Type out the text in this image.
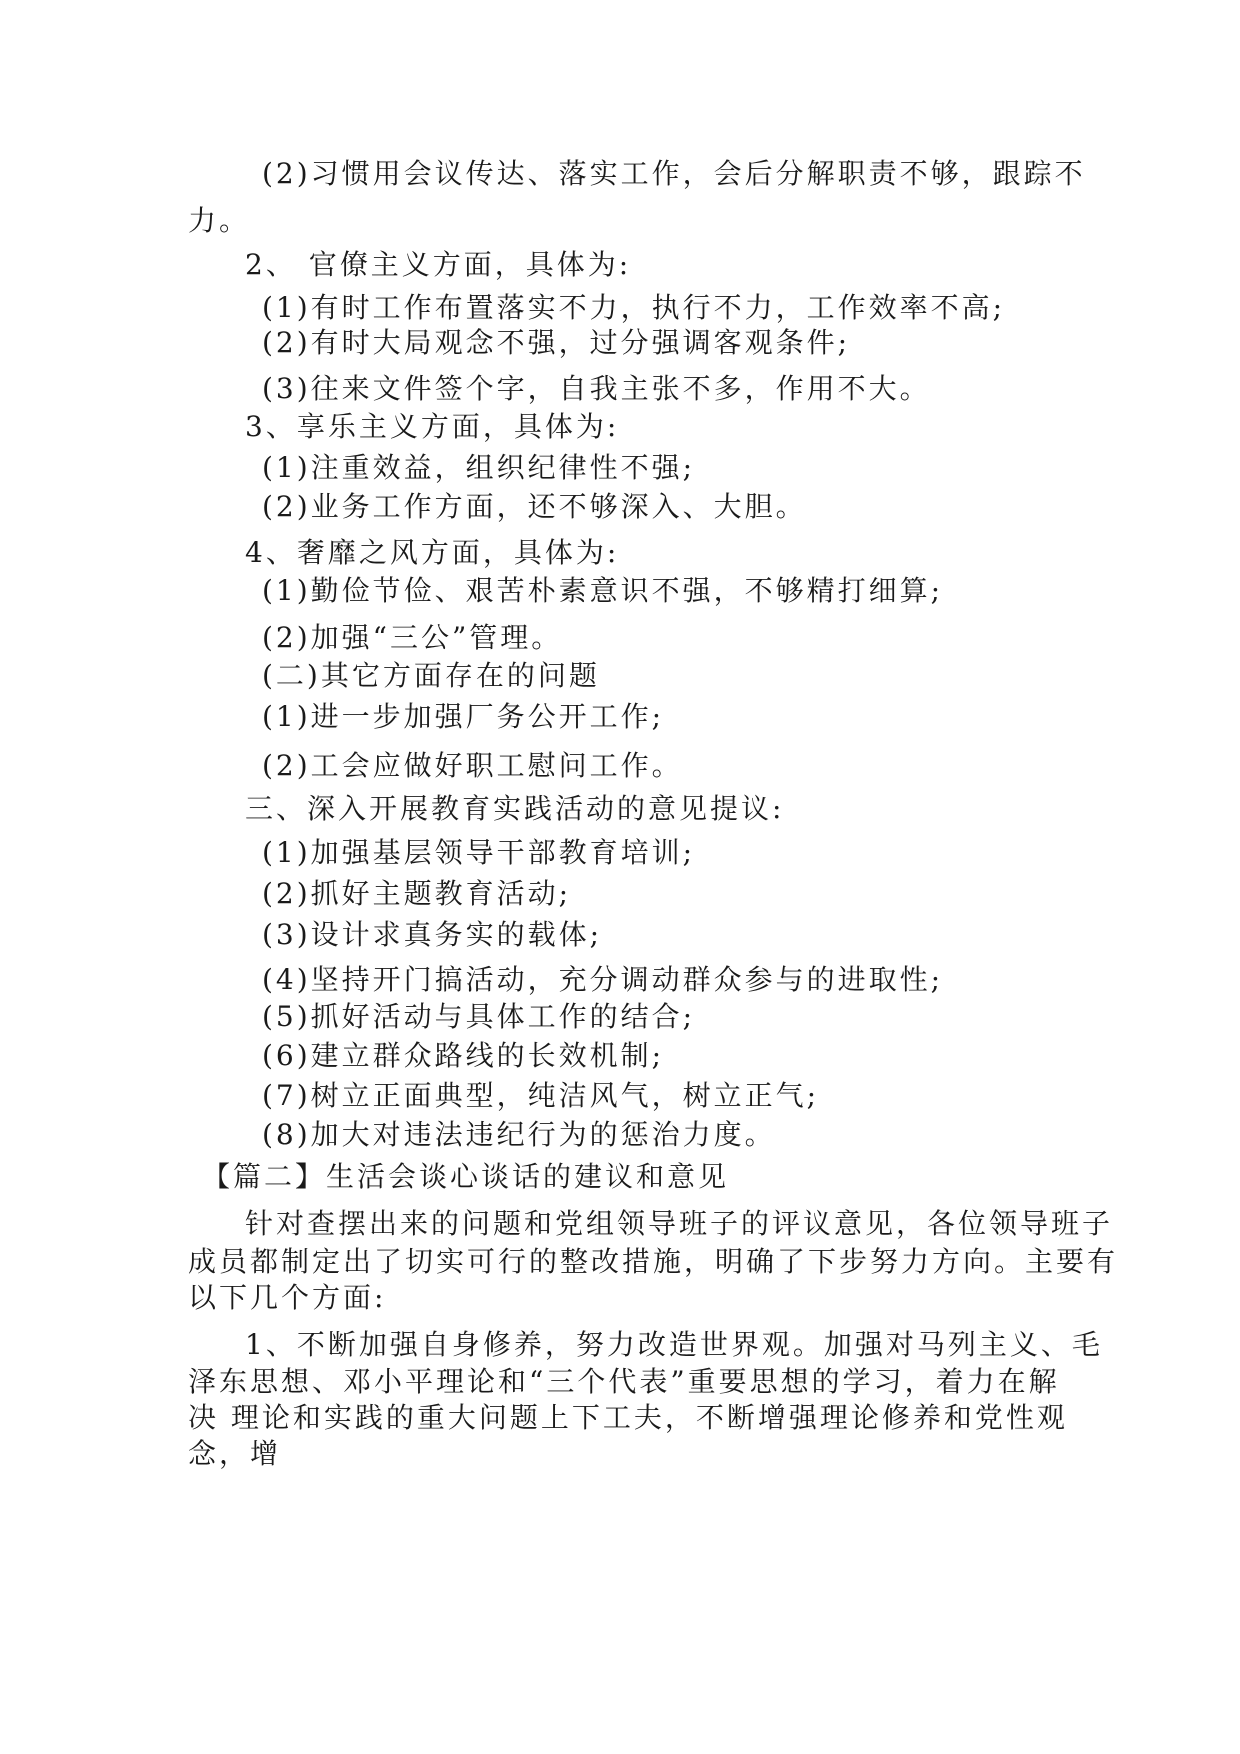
(2)习惯用会议传达、落实工作，会后分解职责不够，跟踪不
力。
2、 官僚主义方面，具体为:
(1)有时工作布置落实不力，执行不力，工作效率不高;
(2)有时大局观念不强，过分强调客观条件;
(3)往来文件签个字，自我主张不多，作用不大。
3、享乐主义方面，具体为:
(1)注重效益，组织纪律性不强;
(2)业务工作方面，还不够深入、大胆。
4、奢靡之风方面，具体为:
(1)勤俭节俭、艰苦朴素意识不强，不够精打细算;
(2)加强“三公”管理。
(二)其它方面存在的问题
(1)进一步加强厂务公开工作;
(2)工会应做好职工慰问工作。
三、深入开展教育实践活动的意见提议:
(1)加强基层领导干部教育培训;
(2)抓好主题教育活动;
(3)设计求真务实的载体;
(4)坚持开门搞活动，充分调动群众参与的进取性;
(5)抓好活动与具体工作的结合;
(6)建立群众路线的长效机制;
(7)树立正面典型，纯洁风气，树立正气;
(8)加大对违法违纪行为的惩治力度。
【篇二】生活会谈心谈话的建议和意见
针对查摆出来的问题和党组领导班子的评议意见，各位领导班子
成员都制定出了切实可行的整改措施，明确了下步努力方向。主要有
以下几个方面:
1、不断加强自身修养，努力改造世界观。加强对马列主义、毛
泽东思想、邓小平理论和“三个代表”重要思想的学习，着力在解
决 理论和实践的重大问题上下工夫，不断增强理论修养和党性观
念，增
